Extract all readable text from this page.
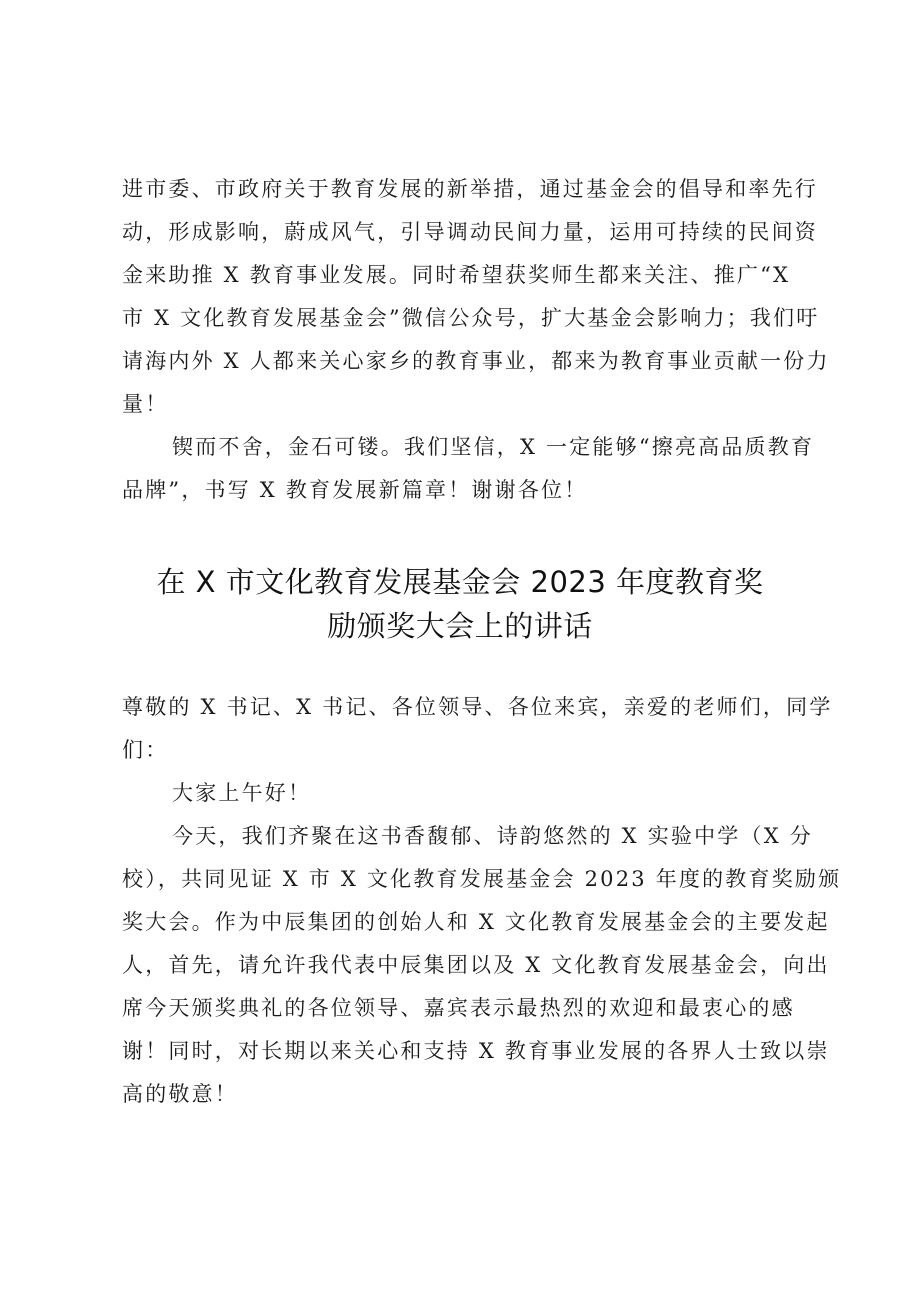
进市委、市政府关于教育发展的新举措，通过基金会的倡导和率先行
动，形成影响，蔚成风气，引导调动民间力量，运用可持续的民间资
金来助推 X 教育事业发展。同时希望获奖师生都来关注、推广“X
市 X 文化教育发展基金会”微信公众号，扩大基金会影响力；我们吁
请海内外 X 人都来关心家乡的教育事业，都来为教育事业贡献一份力
量！

锲而不舍，金石可镂。我们坚信，X 一定能够“擦亮高品质教育
品牌”，书写 X 教育发展新篇章！谢谢各位！

在 X 市文化教育发展基金会 2023 年度教育奖
励颁奖大会上的讲话

尊敬的 X 书记、X 书记、各位领导、各位来宾，亲爱的老师们，同学
们：

大家上午好！

今天，我们齐聚在这书香馥郁、诗韵悠然的 X 实验中学（X 分
校），共同见证 X 市 X 文化教育发展基金会 2023 年度的教育奖励颁
奖大会。作为中辰集团的创始人和 X 文化教育发展基金会的主要发起
人，首先，请允许我代表中辰集团以及 X 文化教育发展基金会，向出
席今天颁奖典礼的各位领导、嘉宾表示最热烈的欢迎和最衷心的感
谢！同时，对长期以来关心和支持 X 教育事业发展的各界人士致以崇
高的敬意！
